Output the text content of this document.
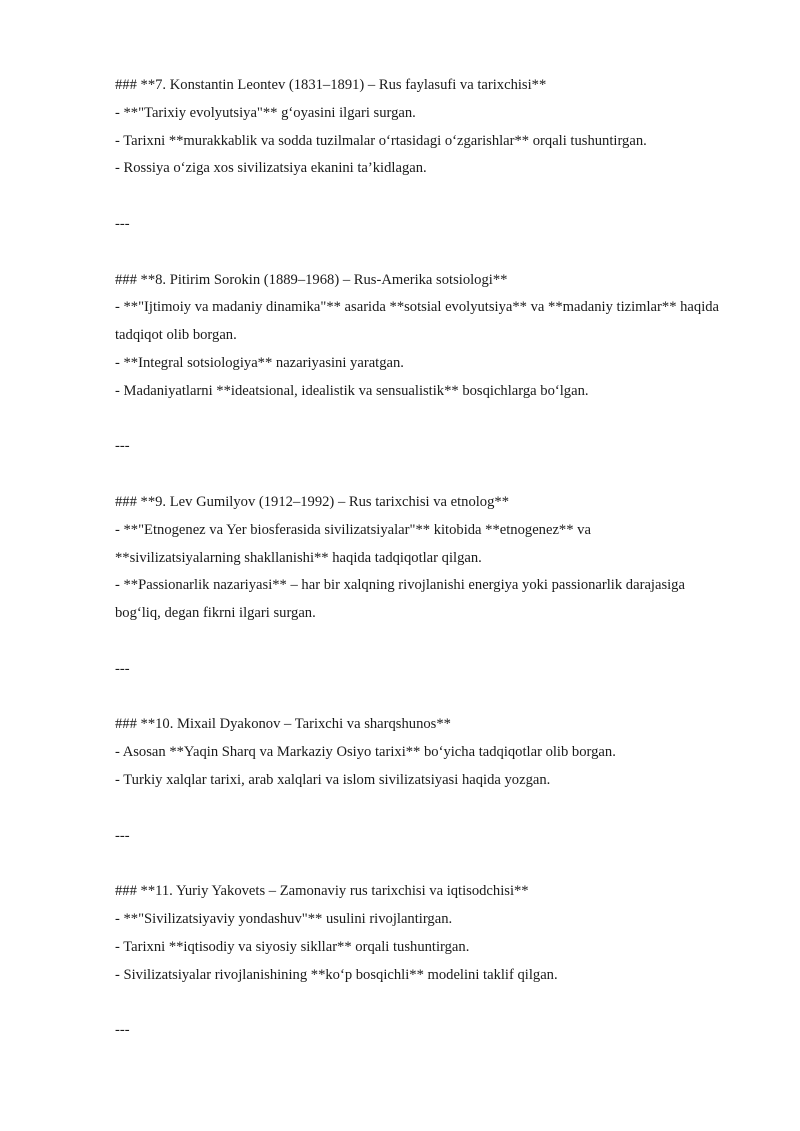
### **7. Konstantin Leontev (1831–1891) – Rus faylasufi va tarixchisi**
- **"Tarixiy evolyutsiya"** g‘oyasini ilgari surgan.
- Tarixni **murakkablik va sodda tuzilmalar o‘rtasidagi o‘zgarishlar** orqali tushuntirgan.
- Rossiya o‘ziga xos sivilizatsiya ekanini ta’kidlagan.
---
### **8. Pitirim Sorokin (1889–1968) – Rus-Amerika sotsiologi**
- **"Ijtimoiy va madaniy dinamika"** asarida **sotsial evolyutsiya** va **madaniy tizimlar** haqida tadqiqot olib borgan.
- **Integral sotsiologiya** nazariyasini yaratgan.
- Madaniyatlarni **ideatsional, idealistik va sensualistik** bosqichlarga bo‘lgan.
---
### **9. Lev Gumilyov (1912–1992) – Rus tarixchisi va etnolog**
- **"Etnogenez va Yer biosferasida sivilizatsiyalar"** kitobida **etnogenez** va **sivilizatsiyalarning shakllanishi** haqida tadqiqotlar qilgan.
- **Passionarlik nazariyasi** – har bir xalqning rivojlanishi energiya yoki passionarlik darajasiga bog‘liq, degan fikrni ilgari surgan.
---
### **10. Mixail Dyakonov – Tarixchi va sharqshunos**
- Asosan **Yaqin Sharq va Markaziy Osiyo tarixi** bo‘yicha tadqiqotlar olib borgan.
- Turkiy xalqlar tarixi, arab xalqlari va islom sivilizatsiyasi haqida yozgan.
---
### **11. Yuriy Yakovets – Zamonaviy rus tarixchisi va iqtisodchisi**
- **"Sivilizatsiyaviy yondashuv"** usulini rivojlantirgan.
- Tarixni **iqtisodiy va siyosiy sikllar** orqali tushuntirgan.
- Sivilizatsiyalar rivojlanishining **ko‘p bosqichli** modelini taklif qilgan.
---
